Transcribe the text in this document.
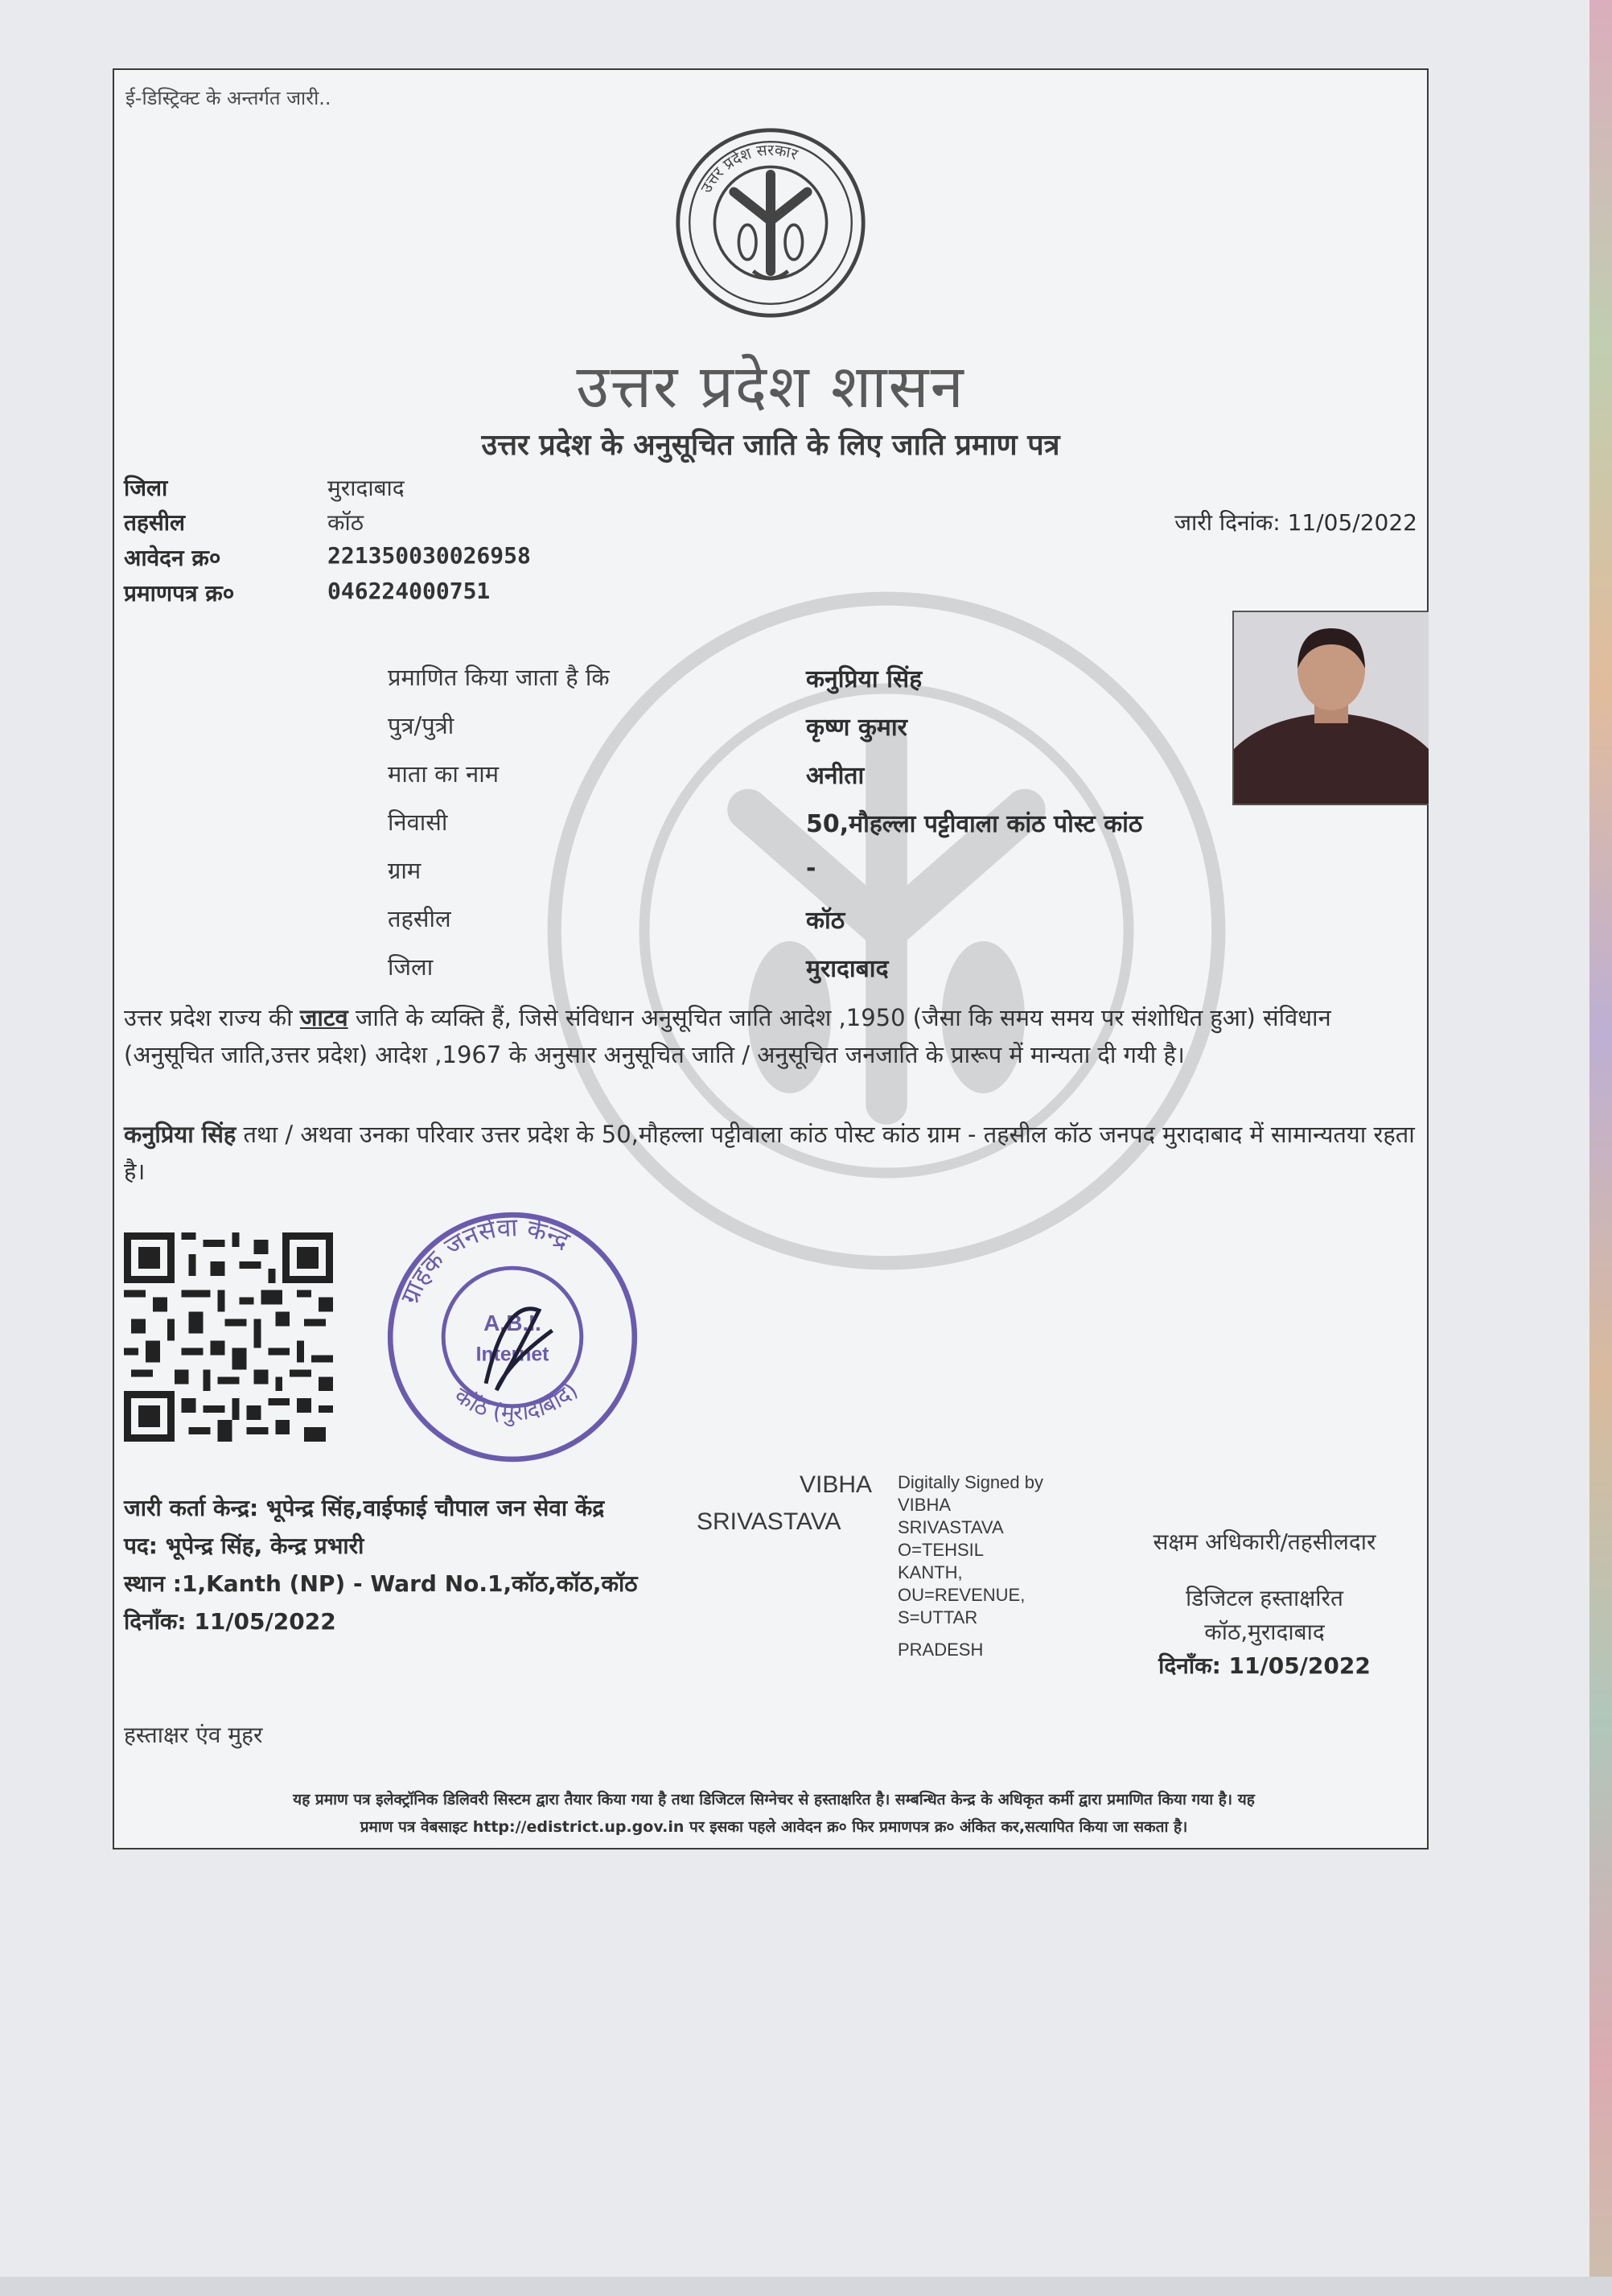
ई-डिस्ट्रिक्ट के अन्तर्गत जारी..
उत्तर प्रदेश सरकार
उत्तर प्रदेश शासन
उत्तर प्रदेश के अनुसूचित जाति के लिए जाति प्रमाण पत्र
जिला	मुरादाबाद
तहसील	कॉठ
आवेदन क्र०	221350030026958
प्रमाणपत्र क्र०	046224000751
जारी दिनांक: 11/05/2022
प्रमाणित किया जाता है कि	कनुप्रिया सिंह
पुत्र/पुत्री	कृष्ण कुमार
माता का नाम	अनीता
निवासी	50,मौहल्ला पट्टीवाला कांठ पोस्ट कांठ
ग्राम	-
तहसील	कॉठ
जिला	मुरादाबाद
उत्तर प्रदेश राज्य की जाटव जाति के व्यक्ति हैं, जिसे संविधान अनुसूचित जाति आदेश ,1950 (जैसा कि समय समय पर संशोधित हुआ) संविधान (अनुसूचित जाति,उत्तर प्रदेश) आदेश ,1967 के अनुसार अनुसूचित जाति / अनुसूचित जनजाति के प्रारूप में मान्यता दी गयी है।
कनुप्रिया सिंह तथा / अथवा उनका परिवार उत्तर प्रदेश के 50,मौहल्ला पट्टीवाला कांठ पोस्ट कांठ ग्राम - तहसील कॉठ जनपद मुरादाबाद में सामान्यतया रहता है।
ग्राहक जनसेवा केन्द्र
कॉठ (मुरादाबाद)
A.B.I.
Internet
जारी कर्ता केन्द्र: भूपेन्द्र सिंह,वाईफाई चौपाल जन सेवा केंद्र
पद: भूपेन्द्र सिंह, केन्द्र प्रभारी
स्थान :1,Kanth (NP) - Ward No.1,कॉठ,कॉठ,कॉठ
दिनाँक: 11/05/2022
VIBHA
SRIVASTAVA
Digitally Signed by
VIBHA
SRIVASTAVA
O=TEHSIL
KANTH,
OU=REVENUE,
S=UTTAR
PRADESH
सक्षम अधिकारी/तहसीलदार
डिजिटल हस्ताक्षरित
कॉठ,मुरादाबाद
दिनाँक: 11/05/2022
हस्ताक्षर एंव मुहर
यह प्रमाण पत्र इलेक्ट्रॉनिक डिलिवरी सिस्टम द्वारा तैयार किया गया है तथा डिजिटल सिग्नेचर से हस्ताक्षरित है। सम्बन्धित केन्द्र के अधिकृत कर्मी द्वारा प्रमाणित किया गया है। यह
प्रमाण पत्र वेबसाइट http://edistrict.up.gov.in पर इसका पहले आवेदन क्र० फिर प्रमाणपत्र क्र० अंकित कर,सत्यापित किया जा सकता है।
